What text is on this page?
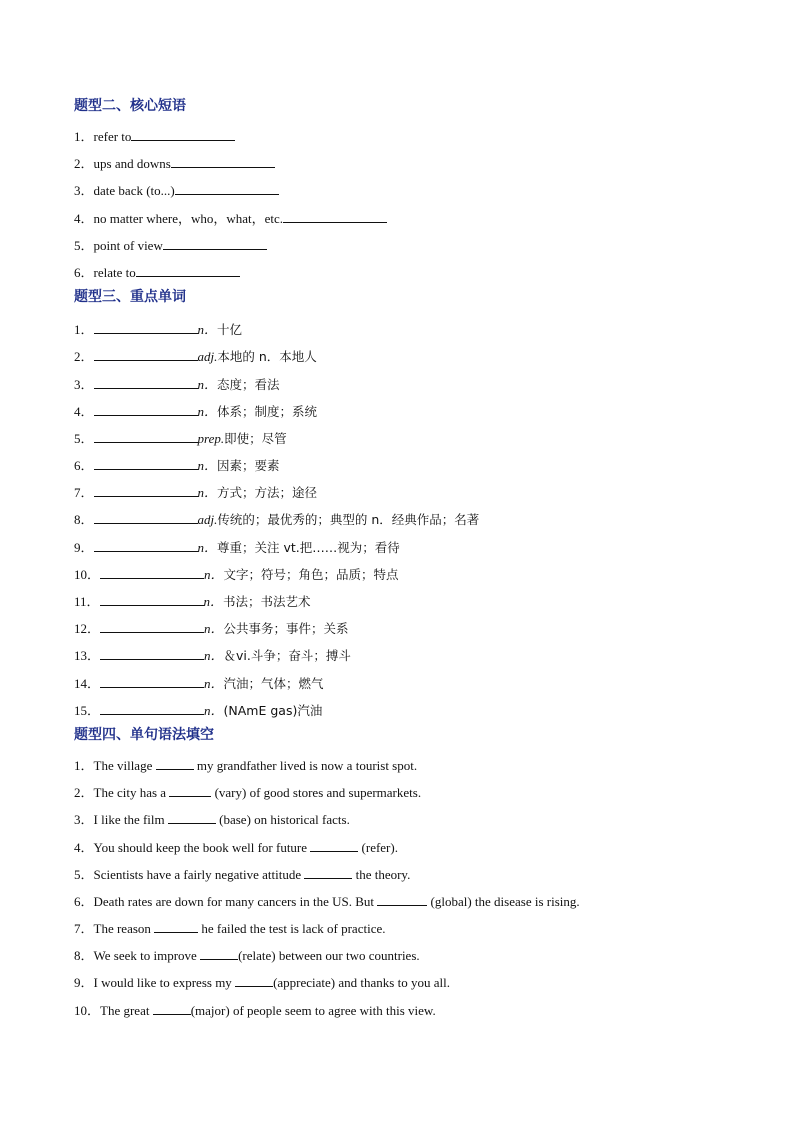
题型二、核心短语
1．refer to
2．ups and downs
3．date back (to...)
4．no matter where，who，what，etc.
5．point of view
6．relate to
题型三、重点单词
1．	n．十亿
2．	adj.本地的 n．本地人
3．	n．态度；看法
4．	n．体系；制度；系统
5．	prep.即使；尽管
6．	n．因素；要素
7．	n．方式；方法；途径
8．	adj.传统的；最优秀的；典型的 n．经典作品；名著
9．	n．尊重；关注 vt.把……视为；看待
10．	n．文字；符号；角色；品质；特点
11．	n．书法；书法艺术
12．	n．公共事务；事件；关系
13．	n．＆vi.斗争；奋斗；搏斗
14．	n．汽油；气体；燃气
15．	n．(NAmE gas)汽油
题型四、单句语法填空
1．The village	my grandfather lived is now a tourist spot.
2．The city has a	(vary) of good stores and supermarkets.
3．I like the film	(base) on historical facts.
4．You should keep the book well for future	(refer).
5．Scientists have a fairly negative attitude	the theory.
6．Death rates are down for many cancers in the US. But	(global) the disease is rising.
7．The reason	he failed the test is lack of practice.
8．We seek to improve	(relate) between our two countries.
9．I would like to express my	(appreciate) and thanks to you all.
10．The great	(major) of people seem to agree with this view.
